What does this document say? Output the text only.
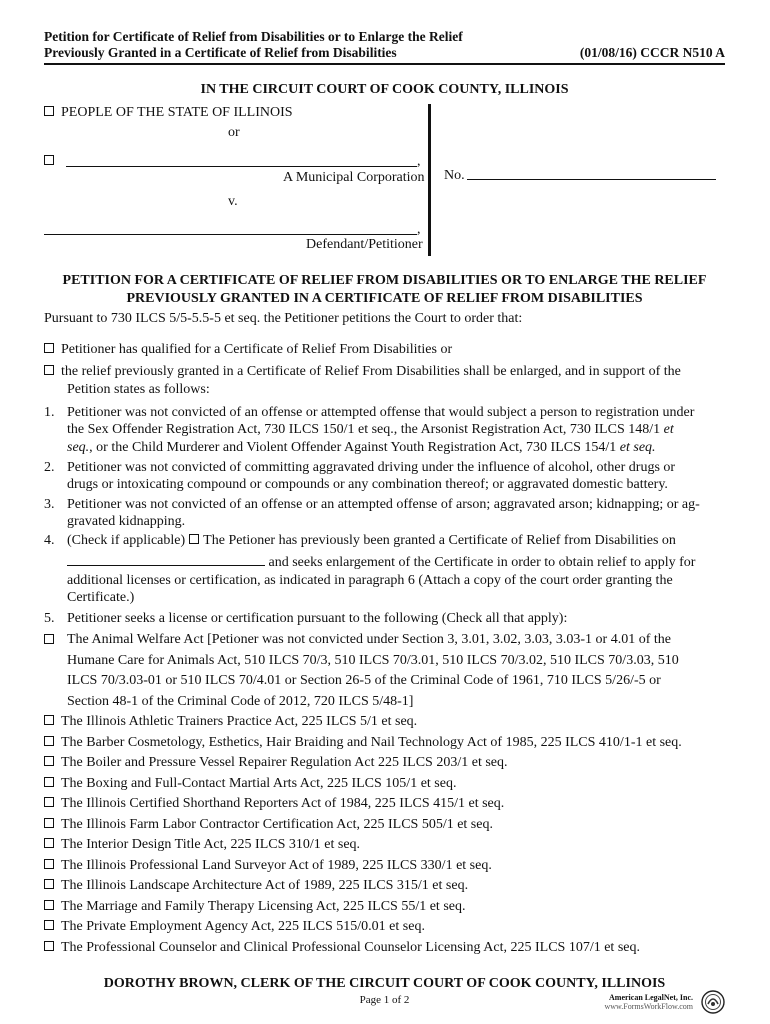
Petition for Certificate of Relief from Disabilities or to Enlarge the Relief
Previously Granted in a Certificate of Relief from Disabilities	(01/08/16) CCCR N510 A
IN THE CIRCUIT COURT OF COOK COUNTY, ILLINOIS
PEOPLE OF THE STATE OF ILLINOIS
or
,
A Municipal Corporation
v.
,
Defendant/Petitioner
No.
PETITION FOR A CERTIFICATE OF RELIEF FROM DISABILITIES OR TO ENLARGE THE RELIEF
PREVIOUSLY GRANTED IN A CERTIFICATE OF RELIEF FROM DISABILITIES
Pursuant to 730 ILCS 5/5-5.5-5 et seq. the Petitioner petitions the Court to order that:
Petitioner has qualified for a Certificate of Relief From Disabilities or
the relief previously granted in a Certificate of Relief From Disabilities shall be enlarged, and in support of the
Petition states as follows:
1. Petitioner was not convicted of an offense or attempted offense that would subject a person to registration under
the Sex Offender Registration Act, 730 ILCS 150/1 et seq., the Arsonist Registration Act, 730 ILCS 148/1 et
seq., or the Child Murderer and Violent Offender Against Youth Registration Act, 730 ILCS 154/1 et seq.
2. Petitioner was not convicted of committing aggravated driving under the influence of alcohol, other drugs or
drugs or intoxicating compound or compounds or any combination thereof; or aggravated domestic battery.
3. Petitioner was not convicted of an offense or an attempted offense of arson; aggravated arson; kidnapping; or ag-
gravated kidnapping.
4. (Check if applicable) The Petioner has previously been granted a Certificate of Relief from Disabilities on
and seeks enlargement of the Certificate in order to obtain relief to apply for
additional licenses or certification, as indicated in paragraph 6 (Attach a copy of the court order granting the
Certificate.)
5. Petitioner seeks a license or certification pursuant to the following (Check all that apply):
The Animal Welfare Act [Petioner was not convicted under Section 3, 3.01, 3.02, 3.03, 3.03-1 or 4.01 of the
Humane Care for Animals Act, 510 ILCS 70/3, 510 ILCS 70/3.01, 510 ILCS 70/3.02, 510 ILCS 70/3.03, 510
ILCS 70/3.03-01 or 510 ILCS 70/4.01 or Section 26-5 of the Criminal Code of 1961, 710 ILCS 5/26/-5 or
Section 48-1 of the Criminal Code of 2012, 720 ILCS 5/48-1]
The Illinois Athletic Trainers Practice Act, 225 ILCS 5/1 et seq.
The Barber Cosmetology, Esthetics, Hair Braiding and Nail Technology Act of 1985, 225 ILCS 410/1-1 et seq.
The Boiler and Pressure Vessel Repairer Regulation Act 225 ILCS 203/1 et seq.
The Boxing and Full-Contact Martial Arts Act, 225 ILCS 105/1 et seq.
The Illinois Certified Shorthand Reporters Act of 1984, 225 ILCS 415/1 et seq.
The Illinois Farm Labor Contractor Certification Act, 225 ILCS 505/1 et seq.
The Interior Design Title Act, 225 ILCS 310/1 et seq.
The Illinois Professional Land Surveyor Act of 1989, 225 ILCS 330/1 et seq.
The Illinois Landscape Architecture Act of 1989, 225 ILCS 315/1 et seq.
The Marriage and Family Therapy Licensing Act, 225 ILCS 55/1 et seq.
The Private Employment Agency Act, 225 ILCS 515/0.01 et seq.
The Professional Counselor and Clinical Professional Counselor Licensing Act, 225 ILCS 107/1 et seq.
DOROTHY BROWN, CLERK OF THE CIRCUIT COURT OF COOK COUNTY, ILLINOIS
Page 1 of 2	American LegalNet, Inc.
www.FormsWorkFlow.com
